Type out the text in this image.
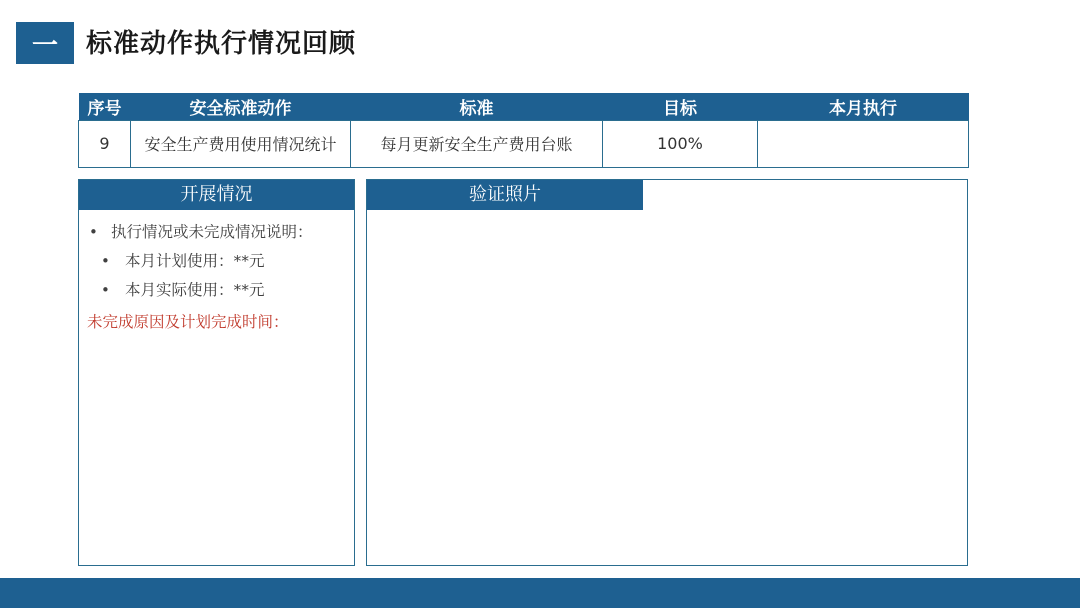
一	标准动作执行情况回顾
序号	安全标准动作	标准	目标	本月执行
9	安全生产费用使用情况统计	每月更新安全生产费用台账	100%	
开展情况
• 执行情况或未完成情况说明：
• 本月计划使用：**元
• 本月实际使用：**元
未完成原因及计划完成时间：
验证照片
